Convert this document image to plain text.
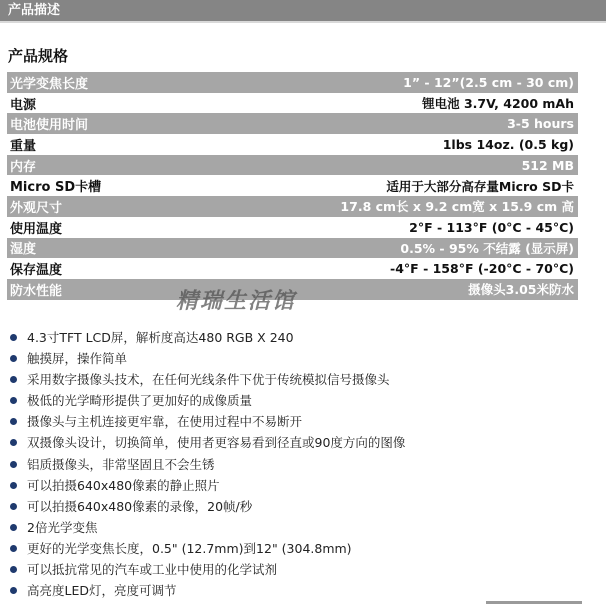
产品描述
产品规格
光学变焦长度	1” - 12”(2.5 cm - 30 cm)
电源	锂电池 3.7V, 4200 mAh
电池使用时间	3-5 hours
重量	1lbs 14oz. (0.5 kg)
内存	512 MB
Micro SD卡槽	适用于大部分高存量Micro SD卡
外观尺寸	17.8 cm长 x 9.2 cm宽 x 15.9 cm 高
使用温度	2°F - 113°F (0°C - 45°C)
湿度	0.5% - 95% 不结露 (显示屏)
保存温度	-4°F - 158°F (-20°C - 70°C)
防水性能	摄像头3.05米防水
精瑞生活馆
4.3寸TFT LCD屏，解析度高达480 RGB X 240
触摸屏，操作简单
采用数字摄像头技术，在任何光线条件下优于传统模拟信号摄像头
极低的光学畸形提供了更加好的成像质量
摄像头与主机连接更牢靠，在使用过程中不易断开
双摄像头设计，切换简单，使用者更容易看到径直或90度方向的图像
铝质摄像头，非常坚固且不会生锈
可以拍摄640x480像素的静止照片
可以拍摄640x480像素的录像，20帧/秒
2倍光学变焦
更好的光学变焦长度，0.5" (12.7mm)到12" (304.8mm)
可以抵抗常见的汽车或工业中使用的化学试剂
高亮度LED灯，亮度可调节
